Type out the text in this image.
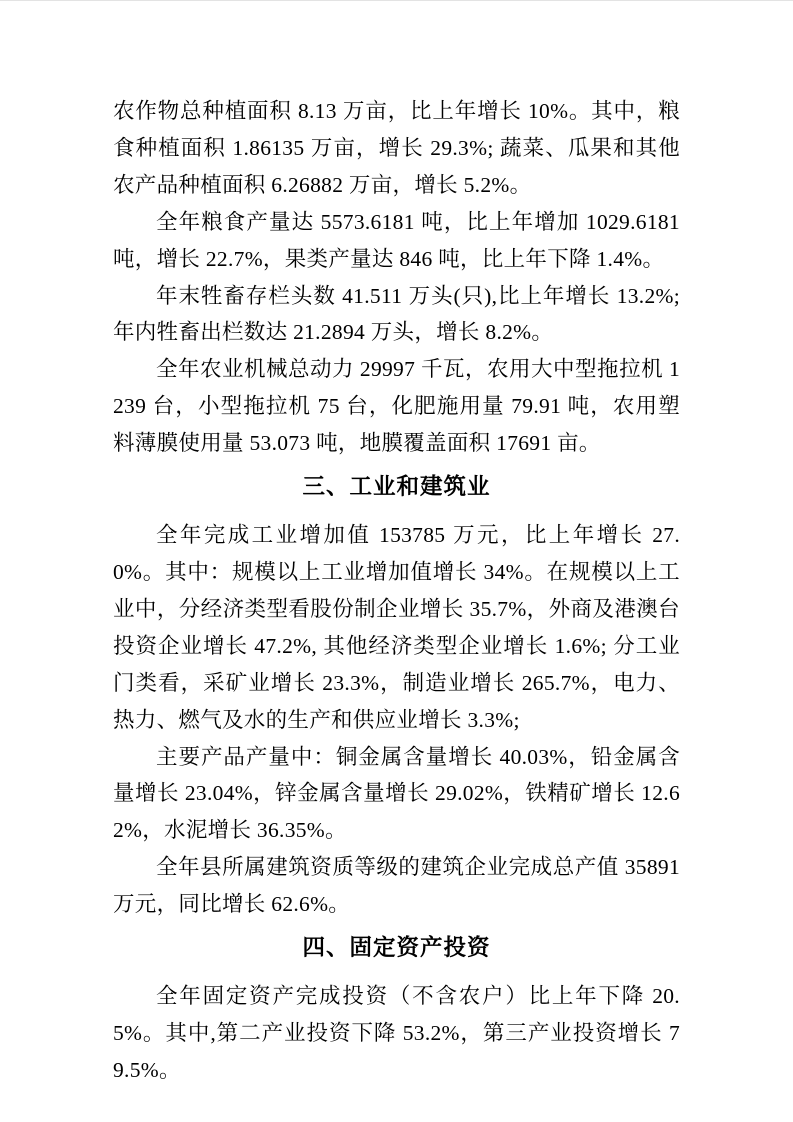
农作物总种植面积 8.13 万亩，比上年增长 10%。其中，粮食种植面积 1.86135 万亩，增长 29.3%; 蔬菜、瓜果和其他农产品种植面积 6.26882 万亩，增长 5.2%。

全年粮食产量达 5573.6181 吨，比上年增加 1029.6181 吨，增长 22.7%，果类产量达 846 吨，比上年下降 1.4%。

年末牲畜存栏头数 41.511 万头(只),比上年增长 13.2%; 年内牲畜出栏数达 21.2894 万头，增长 8.2%。

全年农业机械总动力 29997 千瓦，农用大中型拖拉机 1239 台，小型拖拉机 75 台，化肥施用量 79.91 吨，农用塑料薄膜使用量 53.073 吨，地膜覆盖面积 17691 亩。

三、工业和建筑业

全年完成工业增加值 153785 万元，比上年增长 27.0%。其中：规模以上工业增加值增长 34%。在规模以上工业中，分经济类型看股份制企业增长 35.7%，外商及港澳台投资企业增长 47.2%, 其他经济类型企业增长 1.6%; 分工业门类看，采矿业增长 23.3%，制造业增长 265.7%，电力、热力、燃气及水的生产和供应业增长 3.3%;

主要产品产量中：铜金属含量增长 40.03%，铅金属含量增长 23.04%，锌金属含量增长 29.02%，铁精矿增长 12.62%，水泥增长 36.35%。

全年县所属建筑资质等级的建筑企业完成总产值 35891 万元，同比增长 62.6%。

四、固定资产投资

全年固定资产完成投资（不含农户）比上年下降 20.5%。其中,第二产业投资下降 53.2%，第三产业投资增长 79.5%。
